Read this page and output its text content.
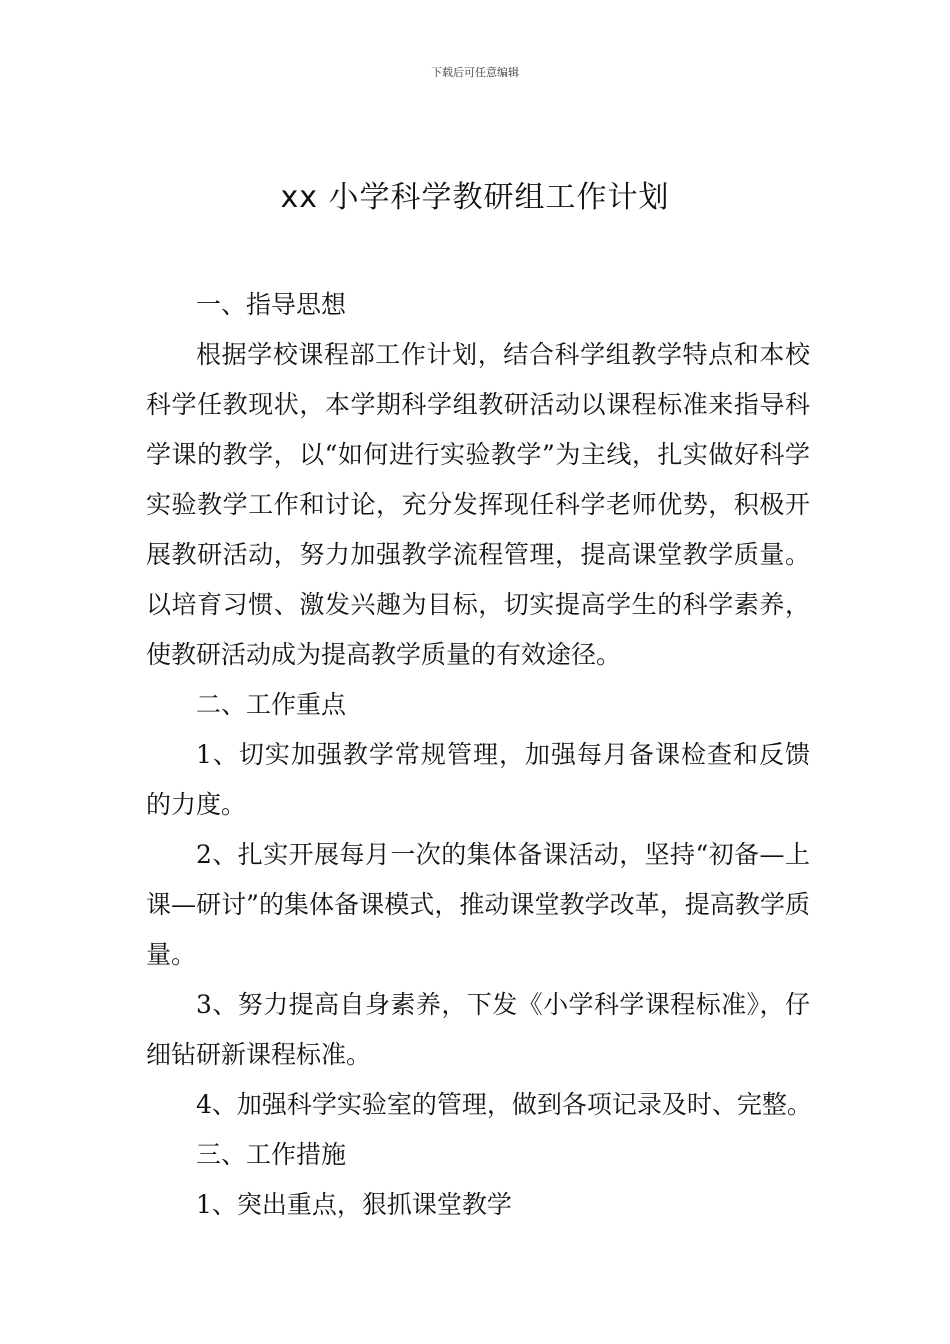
下载后可任意编辑
xx 小学科学教研组工作计划

一、指导思想

根据学校课程部工作计划，结合科学组教学特点和本校科学任教现状，本学期科学组教研活动以课程标准来指导科学课的教学，以“如何进行实验教学”为主线，扎实做好科学实验教学工作和讨论，充分发挥现任科学老师优势，积极开展教研活动，努力加强教学流程管理，提高课堂教学质量。以培育习惯、激发兴趣为目标，切实提高学生的科学素养，使教研活动成为提高教学质量的有效途径。

二、工作重点

1、切实加强教学常规管理，加强每月备课检查和反馈的力度。

2、扎实开展每月一次的集体备课活动，坚持“初备—上课—研讨”的集体备课模式，推动课堂教学改革，提高教学质量。

3、努力提高自身素养，下发《小学科学课程标准》，仔细钻研新课程标准。

4、加强科学实验室的管理，做到各项记录及时、完整。

三、工作措施

1、突出重点，狠抓课堂教学
